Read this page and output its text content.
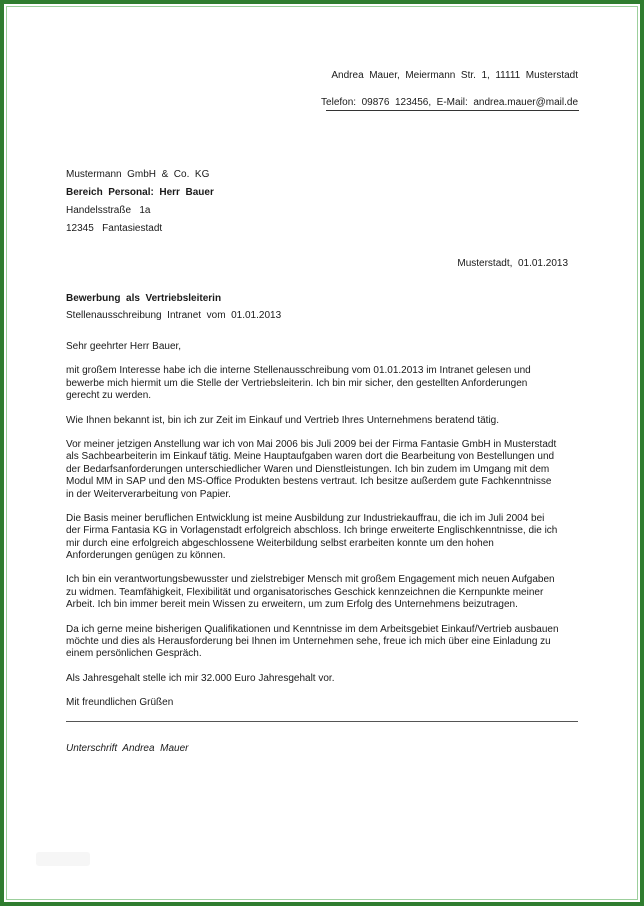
Andrea  Mauer,  Meiermann  Str.  1,  11111  Musterstadt
Telefon:  09876  123456,  E-Mail:  andrea.mauer@mail.de
Mustermann  GmbH  &  Co.  KG
Bereich  Personal:  Herr  Bauer
Handelsstraße   1a
12345   Fantasiestadt
Musterstadt,  01.01.2013
Bewerbung  als  Vertriebsleiterin
Stellenausschreibung  Intranet  vom  01.01.2013
Sehr geehrter Herr Bauer,
mit großem Interesse habe ich die interne Stellenausschreibung vom 01.01.2013 im Intranet gelesen und
bewerbe mich hiermit um die Stelle der Vertriebsleiterin. Ich bin mir sicher, den gestellten Anforderungen
gerecht zu werden.
Wie Ihnen bekannt ist, bin ich zur Zeit im Einkauf und Vertrieb Ihres Unternehmens beratend tätig.
Vor meiner jetzigen Anstellung war ich von Mai 2006 bis Juli 2009 bei der Firma Fantasie GmbH in Musterstadt
als Sachbearbeiterin im Einkauf tätig. Meine Hauptaufgaben waren dort die Bearbeitung von Bestellungen und
der Bedarfsanforderungen unterschiedlicher Waren und Dienstleistungen. Ich bin zudem im Umgang mit dem
Modul MM in SAP und den MS-Office Produkten bestens vertraut. Ich besitze außerdem gute Fachkenntnisse
in der Weiterverarbeitung von Papier.
Die Basis meiner beruflichen Entwicklung ist meine Ausbildung zur Industriekauffrau, die ich im Juli 2004 bei
der Firma Fantasia KG in Vorlagenstadt erfolgreich abschloss. Ich bringe erweiterte Englischkenntnisse, die ich
mir durch eine erfolgreich abgeschlossene Weiterbildung selbst erarbeiten konnte um den hohen
Anforderungen genügen zu können.
Ich bin ein verantwortungsbewusster und zielstrebiger Mensch mit großem Engagement mich neuen Aufgaben
zu widmen. Teamfähigkeit, Flexibilität und organisatorisches Geschick kennzeichnen die Kernpunkte meiner
Arbeit. Ich bin immer bereit mein Wissen zu erweitern, um zum Erfolg des Unternehmens beizutragen.
Da ich gerne meine bisherigen Qualifikationen und Kenntnisse im dem Arbeitsgebiet Einkauf/Vertrieb ausbauen
möchte und dies als Herausforderung bei Ihnen im Unternehmen sehe, freue ich mich über eine Einladung zu
einem persönlichen Gespräch.
Als Jahresgehalt stelle ich mir 32.000 Euro Jahresgehalt vor.
Mit freundlichen Grüßen
Unterschrift  Andrea  Mauer
